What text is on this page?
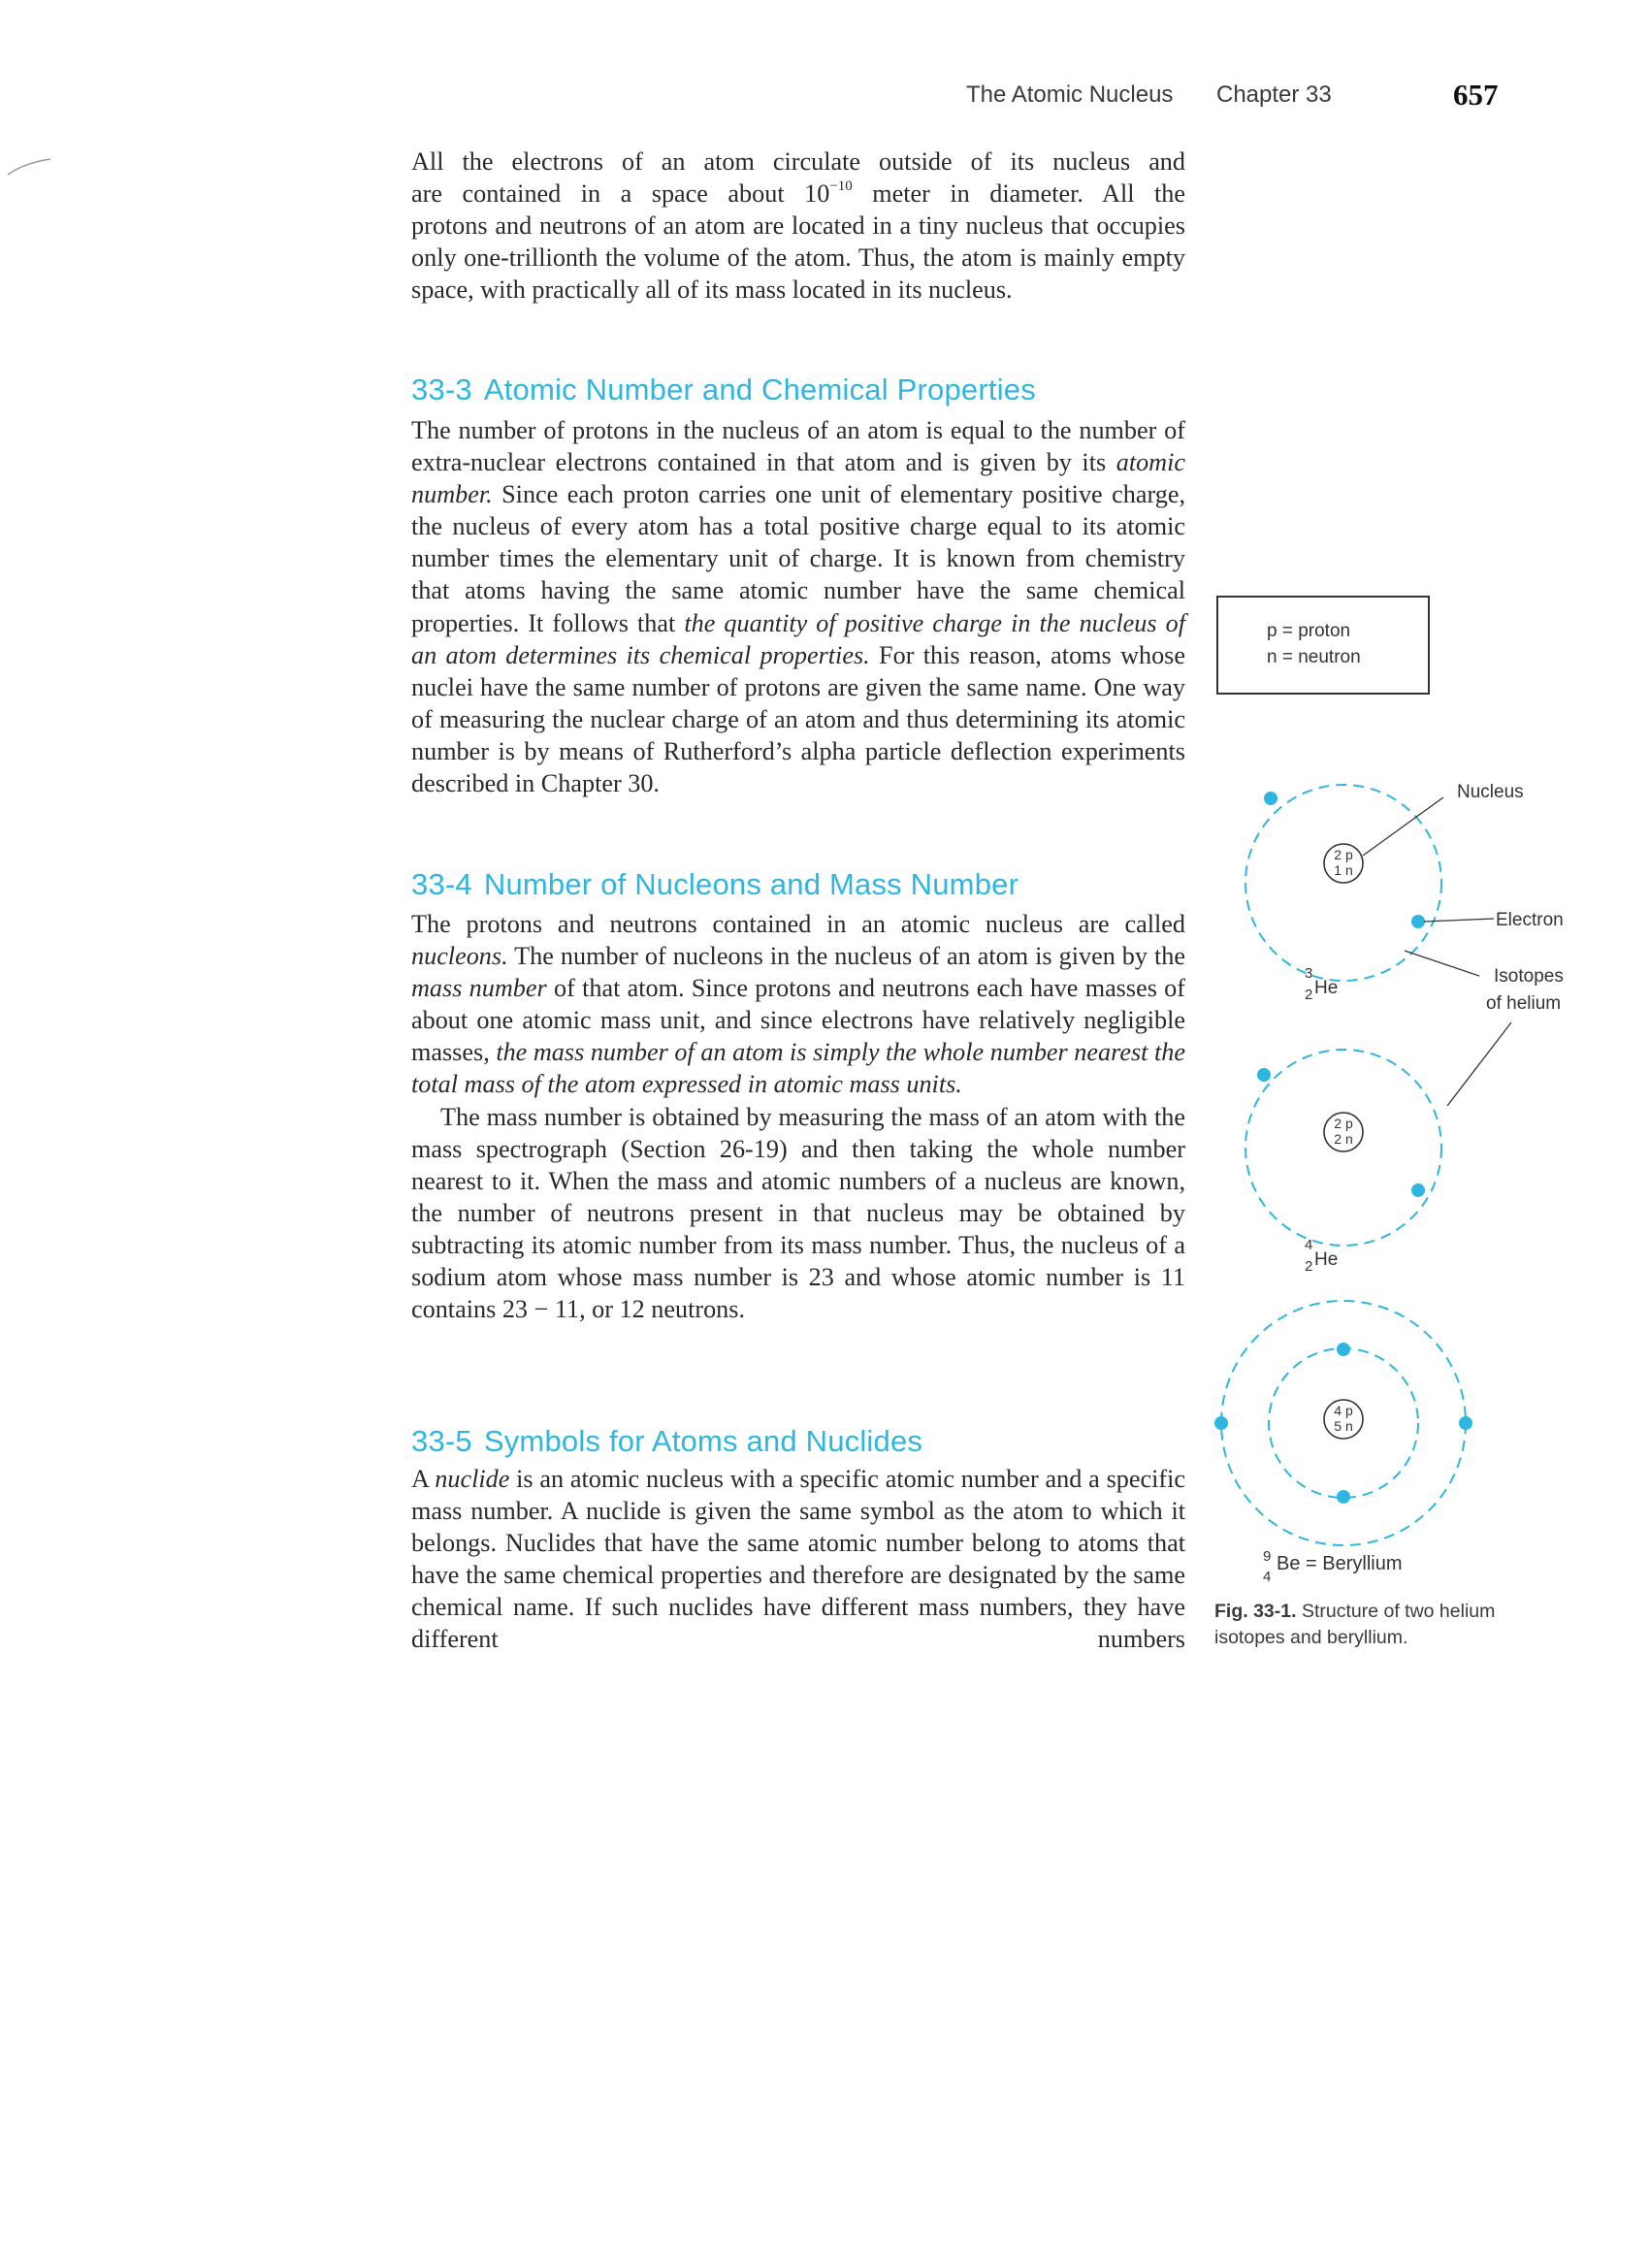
The Atomic Nucleus Chapter 33	657

All the electrons of an atom circulate outside of its nucleus and

are contained in a space about $10^{-10}$ meter in diameter. All the

protons and neutrons of an atom are located in a tiny nucleus that occupies only one-trillionth the volume of the atom. Thus, the atom is mainly empty space, with practically all of its mass located in its nucleus.

33-3 Atomic Number and Chemical Properties

The number of protons in the nucleus of an atom is equal to the number of extra-nuclear electrons contained in that atom and is given by its atomic number. Since each proton carries one unit of elementary positive charge, the nucleus of every atom has a total positive charge equal to its atomic number times the elementary unit of charge. It is known from chemistry that atoms having the same atomic number have the same chemical properties. It follows that the quantity of positive charge in the nucleus of an atom determines its chemical properties. For this reason, atoms whose nuclei have the same number of protons are given the same name. One way of measuring the nuclear charge of an atom and thus determining its atomic number is by means of Rutherford’s alpha particle deflection experiments described in Chapter 30.

33-4 Number of Nucleons and Mass Number

The protons and neutrons contained in an atomic nucleus are called nucleons. The number of nucleons in the nucleus of an atom is given by the mass number of that atom. Since protons and neutrons each have masses of about one atomic mass unit, and since electrons have relatively negligible masses, the mass number of an atom is simply the whole number nearest the total mass of the atom expressed in atomic mass units.

The mass number is obtained by measuring the mass of an atom with the mass spectrograph (Section 26-19) and then taking the whole number nearest to it. When the mass and atomic numbers of a nucleus are known, the number of neutrons present in that nucleus may be obtained by subtracting its atomic number from its mass number. Thus, the nucleus of a sodium atom whose mass number is 23 and whose atomic number is 11 contains 23 − 11, or 12 neutrons.

33-5 Symbols for Atoms and Nuclides

A nuclide is an atomic nucleus with a specific atomic number and a specific mass number. A nuclide is given the same symbol as the atom to which it belongs. Nuclides that have the same atomic number belong to atoms that have the same chemical properties and therefore are designated by the same chemical name. If such nuclides have different mass numbers, they have different numbers

p = proton
n = neutron
2 p
1 n
3
2 He
Nucleus
Electron
Isotopes
of helium
2 p
2 n
4
2 He
4 p
5 n
9
4
Be = Beryllium
Fig. 33-1. Structure of two helium isotopes and beryllium.
